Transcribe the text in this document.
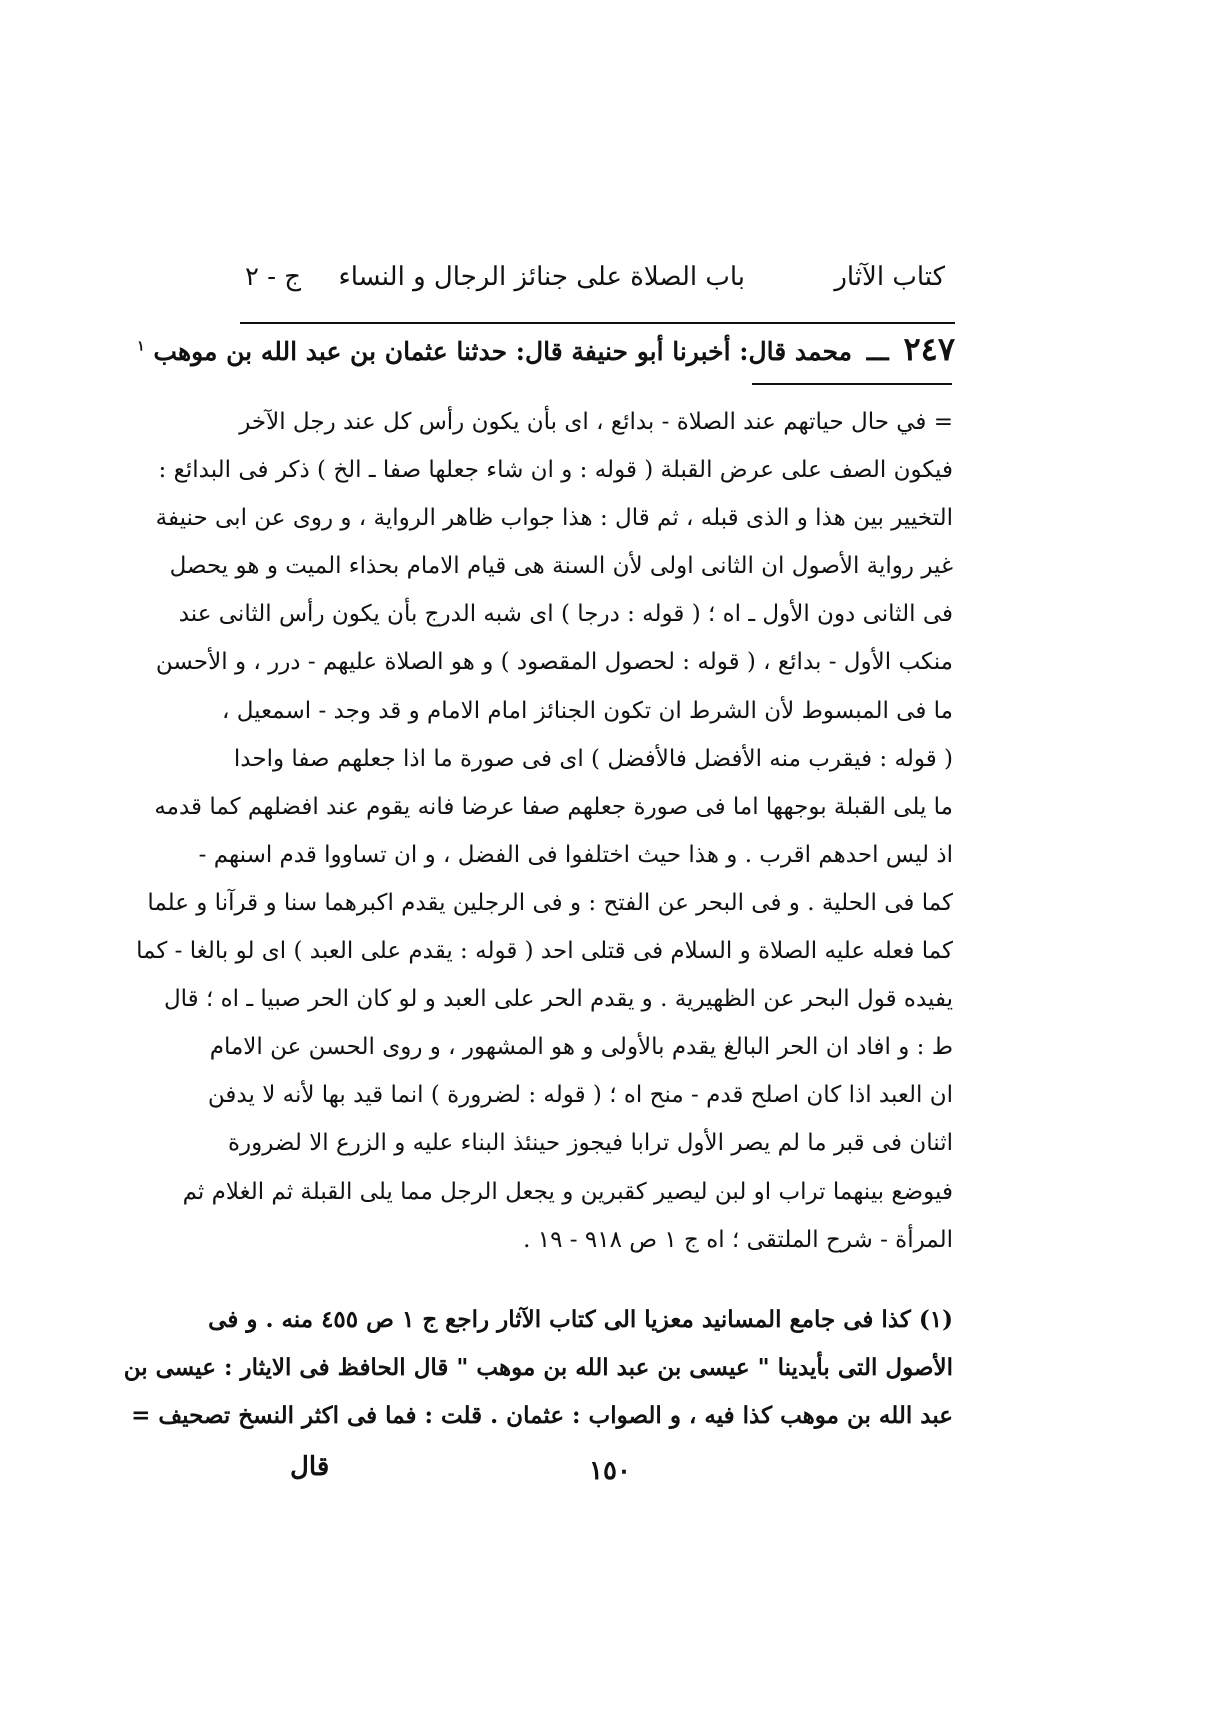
كتاب الآثار
باب الصلاة على جنائز الرجال و النساء
ج - ٢
٢٤٧ ـــ محمد قال: أخبرنا أبو حنيفة قال: حدثنا عثمان بن عبد الله بن موهب $^١$
= في حال حياتهم عند الصلاة - بدائع ، اى بأن يكون رأس كل عند رجل الآخر
فيكون الصف على عرض القبلة ( قوله : و ان شاء جعلها صفا ـ الخ ) ذكر فى البدائع :
التخيير بين هذا و الذى قبله ، ثم قال : هذا جواب ظاهر الرواية ، و روى عن ابى حنيفة
غير رواية الأصول ان الثانى اولى لأن السنة هى قيام الامام بحذاء الميت و هو يحصل
فى الثانى دون الأول ـ اه ؛ ( قوله : درجا ) اى شبه الدرج بأن يكون رأس الثانى عند
منكب الأول - بدائع ، ( قوله : لحصول المقصود ) و هو الصلاة عليهم - درر ، و الأحسن
ما فى المبسوط لأن الشرط ان تكون الجنائز امام الامام و قد وجد - اسمعيل ،
( قوله : فيقرب منه الأفضل فالأفضل ) اى فى صورة ما اذا جعلهم صفا واحدا
ما يلى القبلة بوجهها اما فى صورة جعلهم صفا عرضا فانه يقوم عند افضلهم كما قدمه
اذ ليس احدهم اقرب . و هذا حيث اختلفوا فى الفضل ، و ان تساووا قدم اسنهم -
كما فى الحلية . و فى البحر عن الفتح : و فى الرجلين يقدم اكبرهما سنا و قرآنا و علما
كما فعله عليه الصلاة و السلام فى قتلى احد ( قوله : يقدم على العبد ) اى لو بالغا - كما
يفيده قول البحر عن الظهيرية . و يقدم الحر على العبد و لو كان الحر صبيا ـ اه ؛ قال
ط : و افاد ان الحر البالغ يقدم بالأولى و هو المشهور ، و روى الحسن عن الامام
ان العبد اذا كان اصلح قدم - منح اه ؛ ( قوله : لضرورة ) انما قيد بها لأنه لا يدفن
اثنان فى قبر ما لم يصر الأول ترابا فيجوز حينئذ البناء عليه و الزرع الا لضرورة
فيوضع بينهما تراب او لبن ليصير كقبرين و يجعل الرجل مما يلى القبلة ثم الغلام ثم
المرأة - شرح الملتقى ؛ اه ج ١ ص ٩١٨ - ١٩ .
(١) كذا فى جامع المسانيد معزيا الى كتاب الآثار راجع ج ١ ص ٤٥٥ منه . و فى
الأصول التى بأيدينا " عيسى بن عبد الله بن موهب " قال الحافظ فى الايثار : عيسى بن
عبد الله بن موهب كذا فيه ، و الصواب : عثمان . قلت : فما فى اكثر النسخ تصحيف =
قال	١٥٠
